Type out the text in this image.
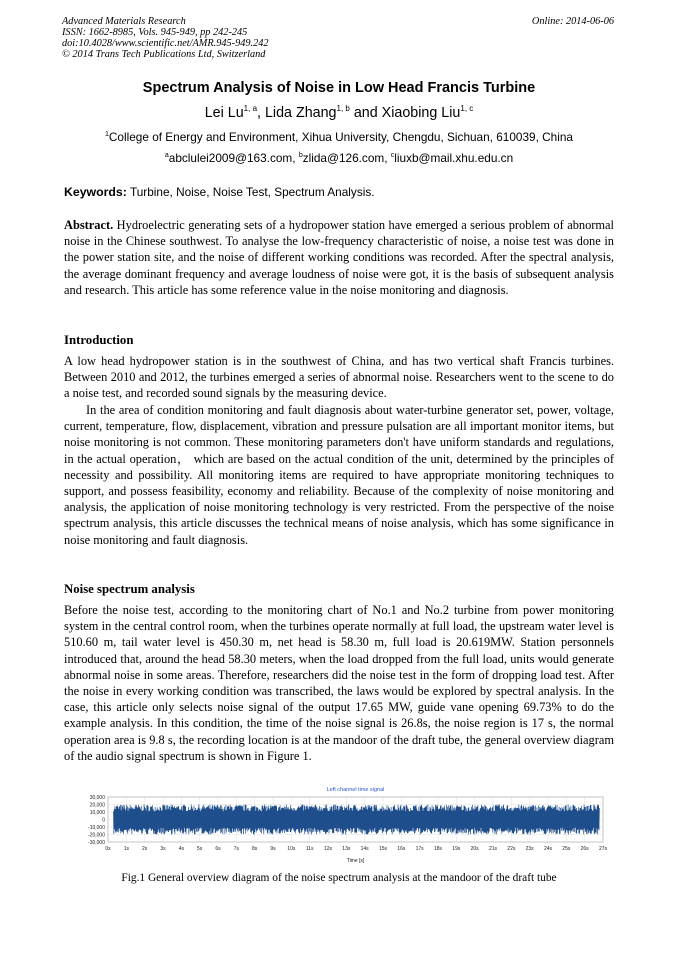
Advanced Materials Research
ISSN: 1662-8985, Vols. 945-949, pp 242-245
doi:10.4028/www.scientific.net/AMR.945-949.242
© 2014 Trans Tech Publications Ltd, Switzerland
Online: 2014-06-06
Spectrum Analysis of Noise in Low Head Francis Turbine
Lei Lu$^{1, a}$, Lida Zhang$^{1, b}$ and Xiaobing Liu$^{1, c}$
$^1$College of Energy and Environment, Xihua University, Chengdu, Sichuan, 610039, China
$^a$abclulei2009@163.com, $^b$zlida@126.com, $^c$liuxb@mail.xhu.edu.cn
Keywords: Turbine, Noise, Noise Test, Spectrum Analysis.

Abstract. Hydroelectric generating sets of a hydropower station have emerged a serious problem of abnormal noise in the Chinese southwest. To analyse the low-frequency characteristic of noise, a noise test was done in the power station site, and the noise of different working conditions was recorded. After the spectral analysis, the average dominant frequency and average loudness of noise were got, it is the basis of subsequent analysis and research. This article has some reference value in the noise monitoring and diagnosis.

Introduction

A low head hydropower station is in the southwest of China, and has two vertical shaft Francis turbines. Between 2010 and 2012, the turbines emerged a series of abnormal noise. Researchers went to the scene to do a noise test, and recorded sound signals by the measuring device.

In the area of condition monitoring and fault diagnosis about water-turbine generator set, power, voltage, current, temperature, flow, displacement, vibration and pressure pulsation are all important monitor items, but noise monitoring is not common. These monitoring parameters don't have uniform standards and regulations, in the actual operation， which are based on the actual condition of the unit, determined by the principles of necessity and possibility. All monitoring items are required to have appropriate monitoring techniques to support, and possess feasibility, economy and reliability. Because of the complexity of noise monitoring and analysis, the application of noise monitoring technology is very restricted. From the perspective of the noise spectrum analysis, this article discusses the technical means of noise analysis, which has some significance in noise monitoring and fault diagnosis.

Noise spectrum analysis

Before the noise test, according to the monitoring chart of No.1 and No.2 turbine from power monitoring system in the central control room, when the turbines operate normally at full load, the upstream water level is 510.60 m, tail water level is 450.30 m, net head is 58.30 m, full load is 20.619MW. Station personnels introduced that, around the head 58.30 meters, when the load dropped from the full load, units would generate abnormal noise in some areas. Therefore, researchers did the noise test in the form of dropping load test. After the noise in every working condition was transcribed, the laws would be explored by spectral analysis. In the case, this article only selects noise signal of the output 17.65 MW, guide vane opening 69.73% to do the example analysis. In this condition, the time of the noise signal is 26.8s, the noise region is 17 s, the normal operation area is 9.8 s, the recording location is at the mandoor of the draft tube, the general overview diagram of the audio signal spectrum is shown in Figure 1.

Left channel time signal
0s	1s	2s	3s	4s	5s	6s	7s	8s	9s 10s 11s 12s 13s 14s 15s 16s 17s 18s 19s 20s 21s 22s 23s 24s 25s 26s 27s
30,000
20,000
10,000
0
-10,000
-20,000
-30,000
Time [s]
Fig.1 General overview diagram of the noise spectrum analysis at the mandoor of the draft tube
